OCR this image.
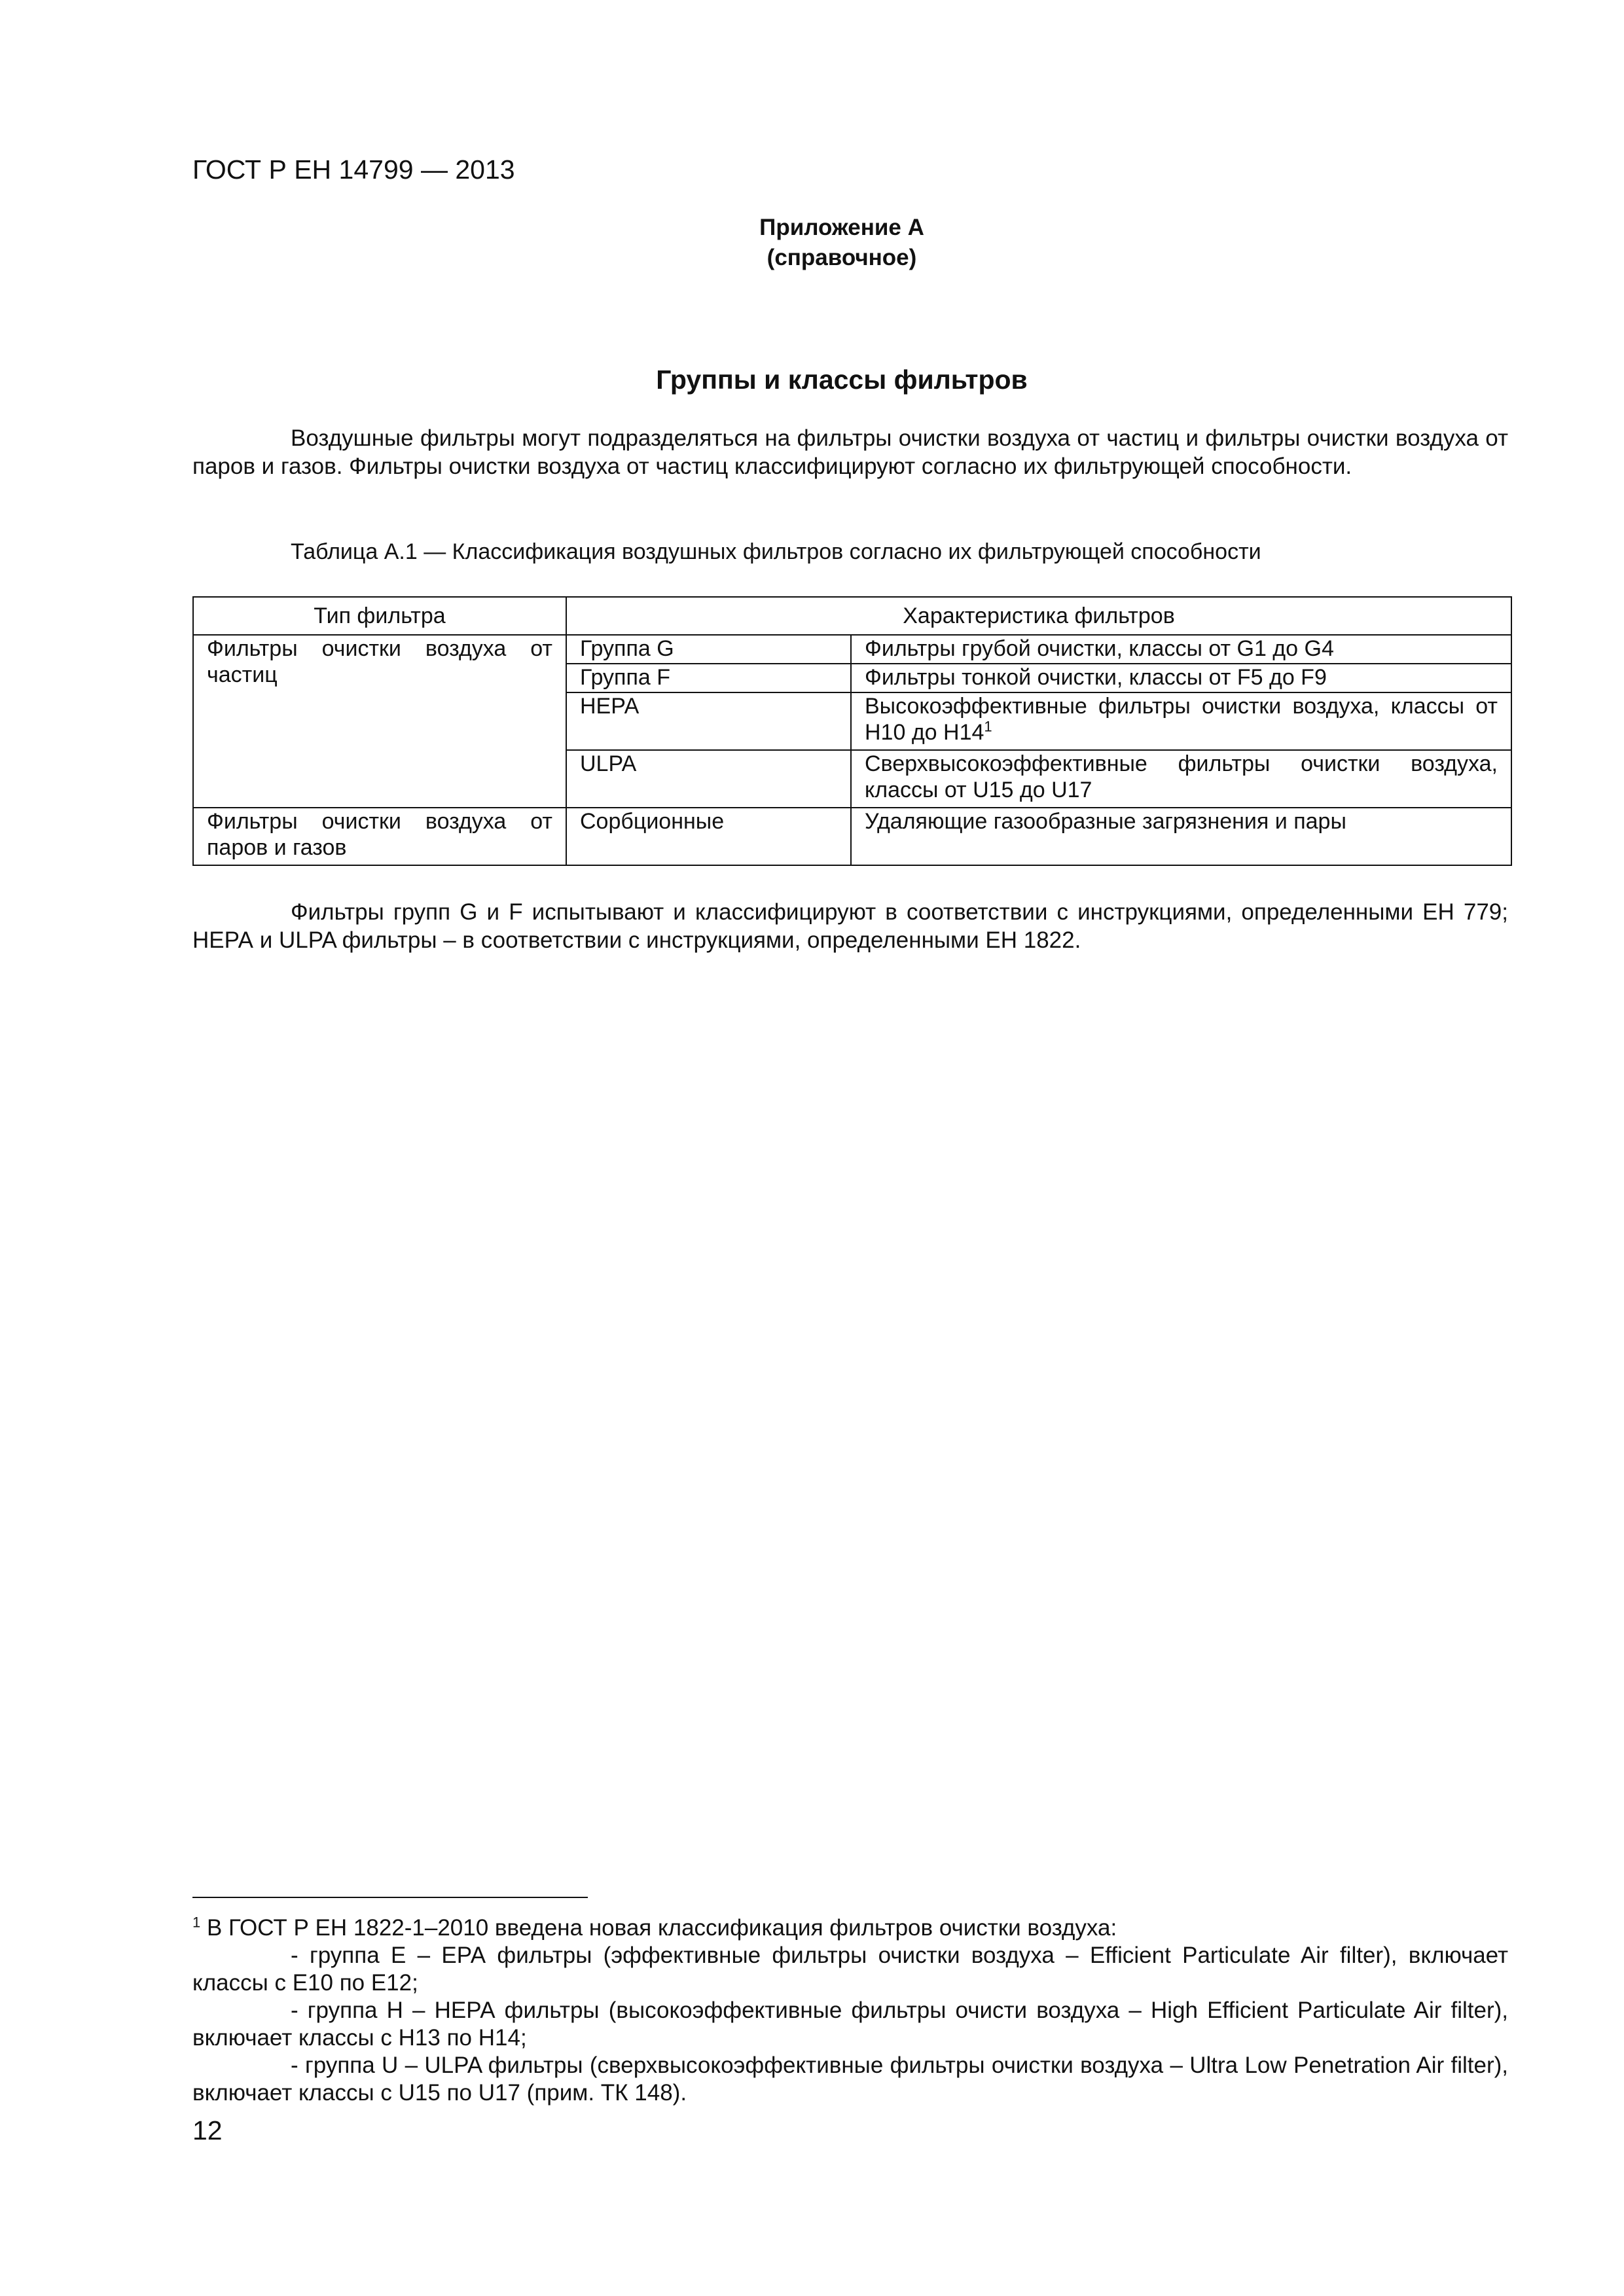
ГОСТ Р ЕН 14799 — 2013
Приложение А
(справочное)
Группы и классы фильтров
Воздушные фильтры могут подразделяться на фильтры очистки воздуха от частиц и фильтры очистки воздуха от паров и газов. Фильтры очистки воздуха от частиц классифицируют согласно их фильтрующей способности.
Таблица А.1 — Классификация воздушных фильтров согласно их фильтрующей способности
Тип фильтра	Характеристика фильтров	
Фильтры очистки воздуха от частиц	Группа G	Фильтры грубой очистки, классы от G1 до G4
	Группа F	Фильтры тонкой очистки, классы от F5 до F9
	НЕРА	Высокоэффективные фильтры очистки воздуха, классы от Н10 до $Н14^1$
	ULPA	Сверхвысокоэффективные фильтры очистки воздуха, классы от U15 до U17
Фильтры очистки воздуха от паров и газов	Сорбционные	Удаляющие газообразные загрязнения и пары
Фильтры групп G и F испытывают и классифицируют в соответствии с инструкциями, определенными ЕН 779; НЕРА и ULPA фильтры – в соответствии с инструкциями, определенными ЕН 1822.
$^1$ В ГОСТ Р ЕН 1822-1–2010 введена новая классификация фильтров очистки воздуха:
- группа Е – ЕРА фильтры (эффективные фильтры очистки воздуха – Efficient Particulate Air filter), включает классы с Е10 по Е12;
- группа Н – НЕРА фильтры (высокоэффективные фильтры очисти воздуха – High Efficient Particulate Air filter), включает классы с Н13 по Н14;
- группа U – ULPA фильтры (сверхвысокоэффективные фильтры очистки воздуха – Ultra Low Penetration Air filter), включает классы с U15 по U17 (прим. ТК 148).
12
